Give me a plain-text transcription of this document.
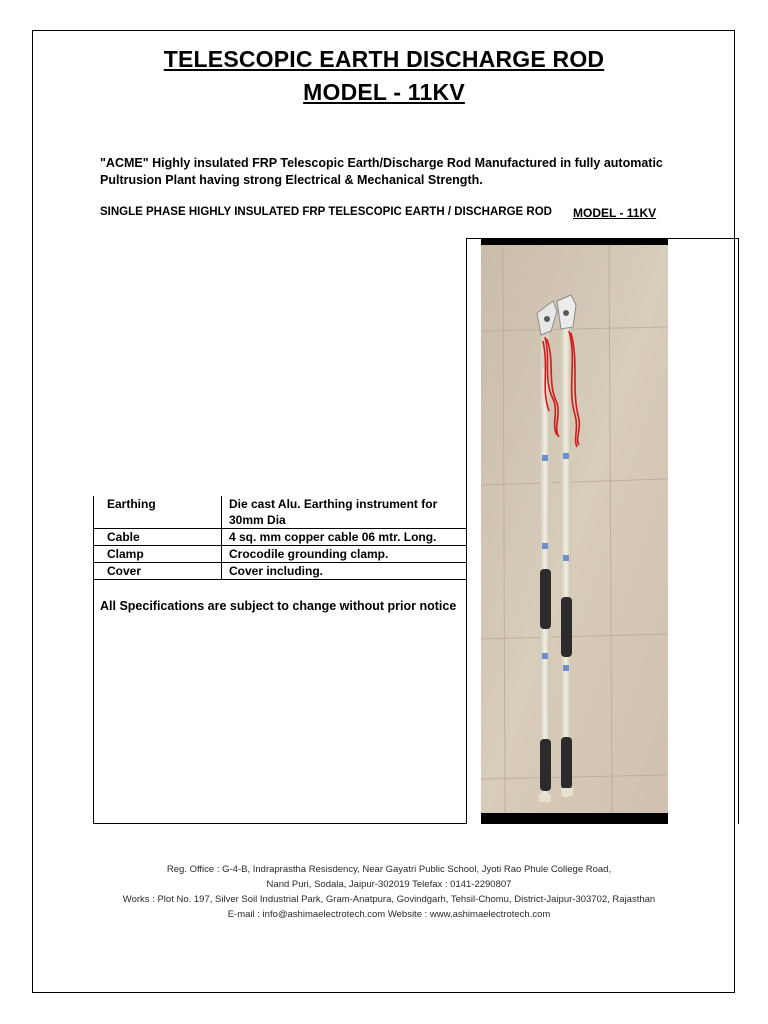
TELESCOPIC EARTH DISCHARGE ROD
MODEL - 11KV
"ACME" Highly insulated FRP Telescopic Earth/Discharge Rod Manufactured in fully automatic
Pultrusion Plant having strong Electrical & Mechanical Strength.
SINGLE PHASE HIGHLY INSULATED FRP TELESCOPIC EARTH / DISCHARGE ROD MODEL - 11KV
Earthing	Die cast Alu. Earthing instrument for
30mm Dia

Cable	4 sq. mm copper cable 06 mtr. Long.
Clamp	Crocodile grounding clamp.
Cover	Cover including.
All Specifications are subject to change without prior notice
Reg. Office : G-4-B, Indraprastha Resisdency, Near Gayatri Public School, Jyoti Rao Phule College Road,
Nand Puri, Sodala, Jaipur-302019 Telefax : 0141-2290807
Works : Plot No. 197, Silver Soil Industrial Park, Gram-Anatpura, Govindgarh, Tehsil-Chomu, District-Jaipur-303702, Rajasthan
E-mail : info@ashimaelectrotech.com Website : www.ashimaelectrotech.com
